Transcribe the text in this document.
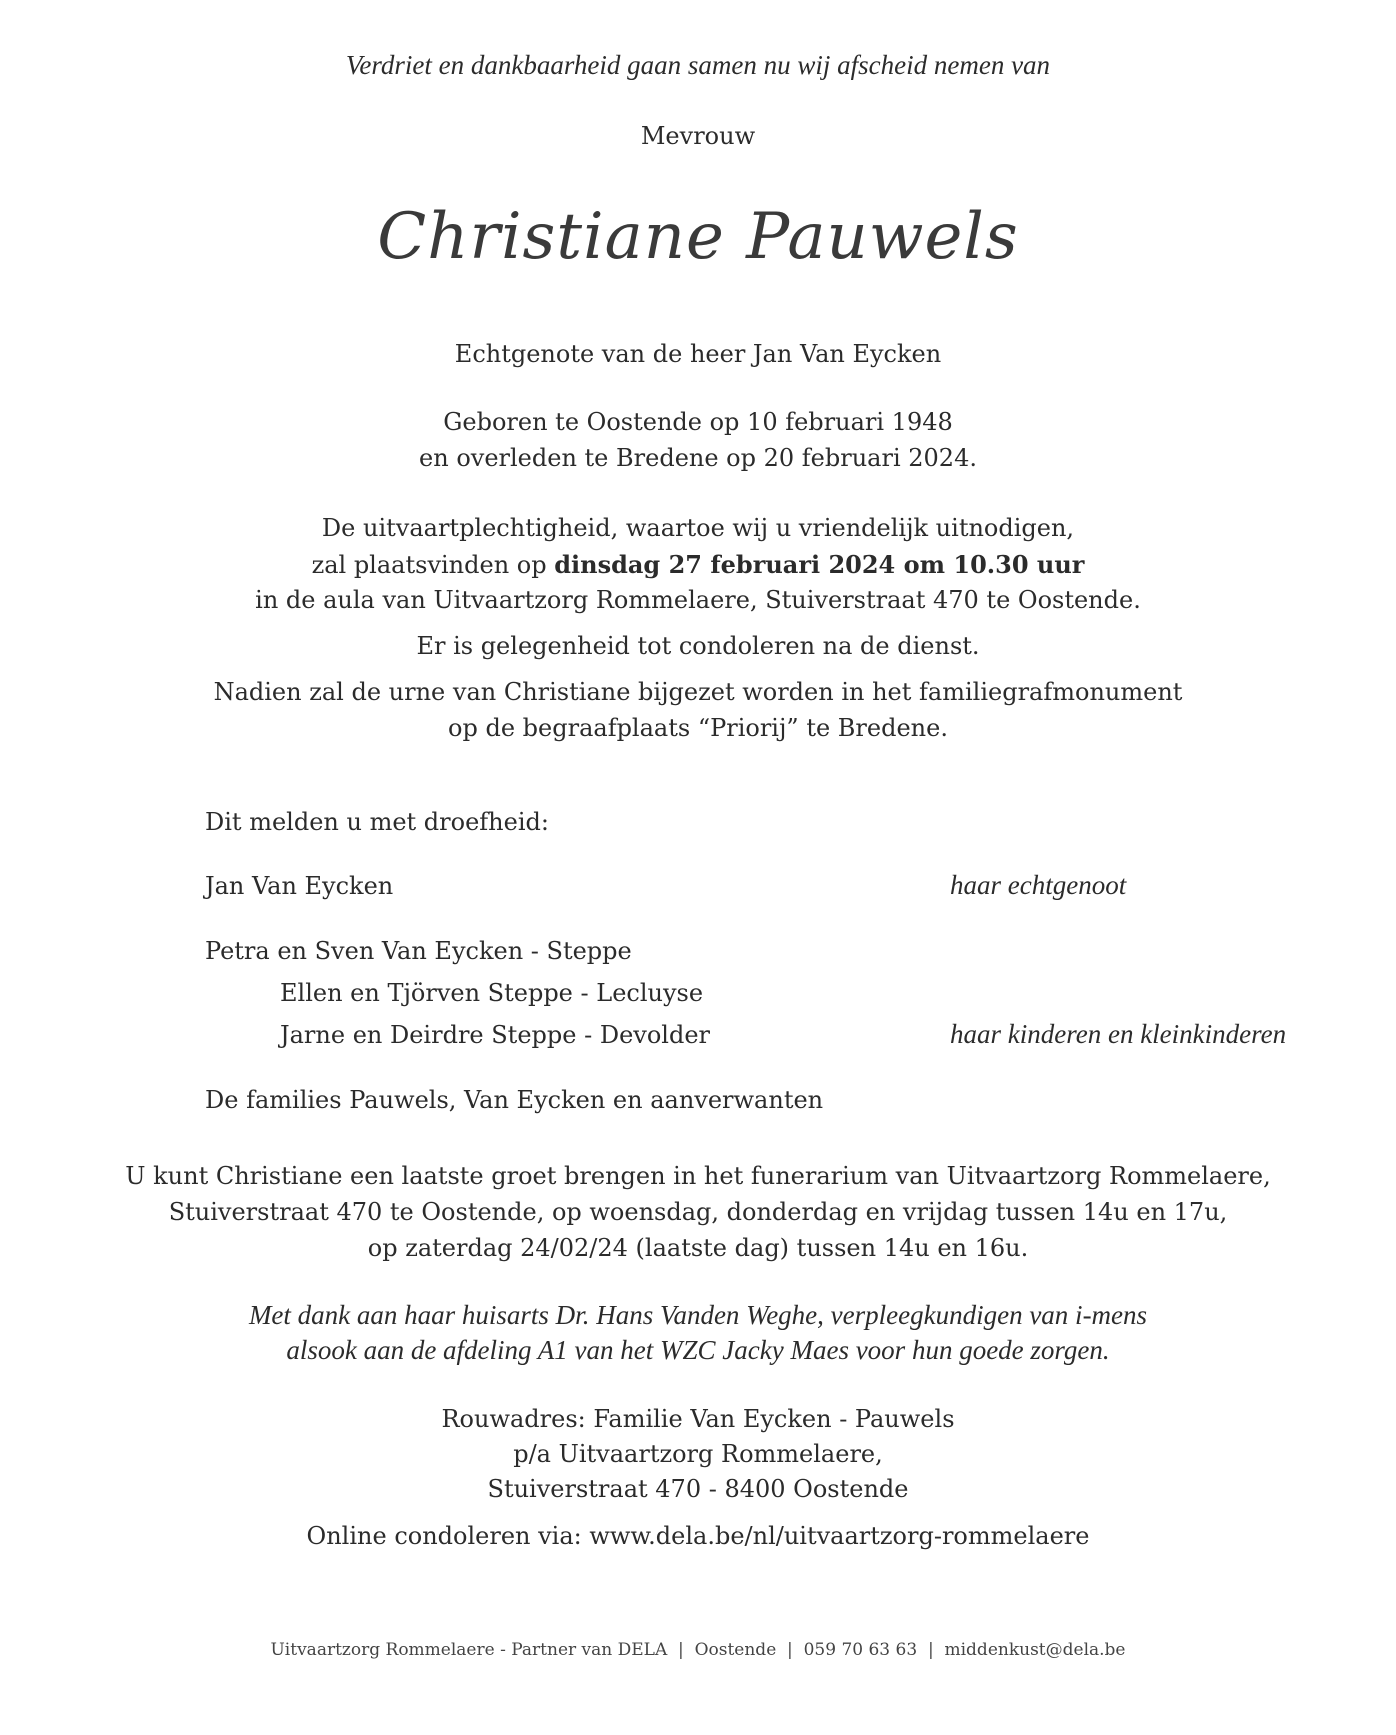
Verdriet en dankbaarheid gaan samen nu wij afscheid nemen van
Mevrouw
Christiane Pauwels
Echtgenote van de heer Jan Van Eycken
Geboren te Oostende op 10 februari 1948
en overleden te Bredene op 20 februari 2024.
De uitvaartplechtigheid, waartoe wij u vriendelijk uitnodigen,
zal plaatsvinden op dinsdag 27 februari 2024 om 10.30 uur
in de aula van Uitvaartzorg Rommelaere, Stuiverstraat 470 te Oostende.
Er is gelegenheid tot condoleren na de dienst.
Nadien zal de urne van Christiane bijgezet worden in het familiegrafmonument
op de begraafplaats “Priorij” te Bredene.
Dit melden u met droefheid:
Jan Van Eycken	haar echtgenoot
Petra en Sven Van Eycken - Steppe
Ellen en Tjörven Steppe - Lecluyse
Jarne en Deirdre Steppe - Devolder	haar kinderen en kleinkinderen
De families Pauwels, Van Eycken en aanverwanten
U kunt Christiane een laatste groet brengen in het funerarium van Uitvaartzorg Rommelaere,
Stuiverstraat 470 te Oostende, op woensdag, donderdag en vrijdag tussen 14u en 17u,
op zaterdag 24/02/24 (laatste dag) tussen 14u en 16u.
Met dank aan haar huisarts Dr. Hans Vanden Weghe, verpleegkundigen van i-mens
alsook aan de afdeling A1 van het WZC Jacky Maes voor hun goede zorgen.
Rouwadres: Familie Van Eycken - Pauwels
p/a Uitvaartzorg Rommelaere,
Stuiverstraat 470 - 8400 Oostende
Online condoleren via: www.dela.be/nl/uitvaartzorg-rommelaere
Uitvaartzorg Rommelaere - Partner van DELA  |  Oostende  |  059 70 63 63  |  middenkust@dela.be
